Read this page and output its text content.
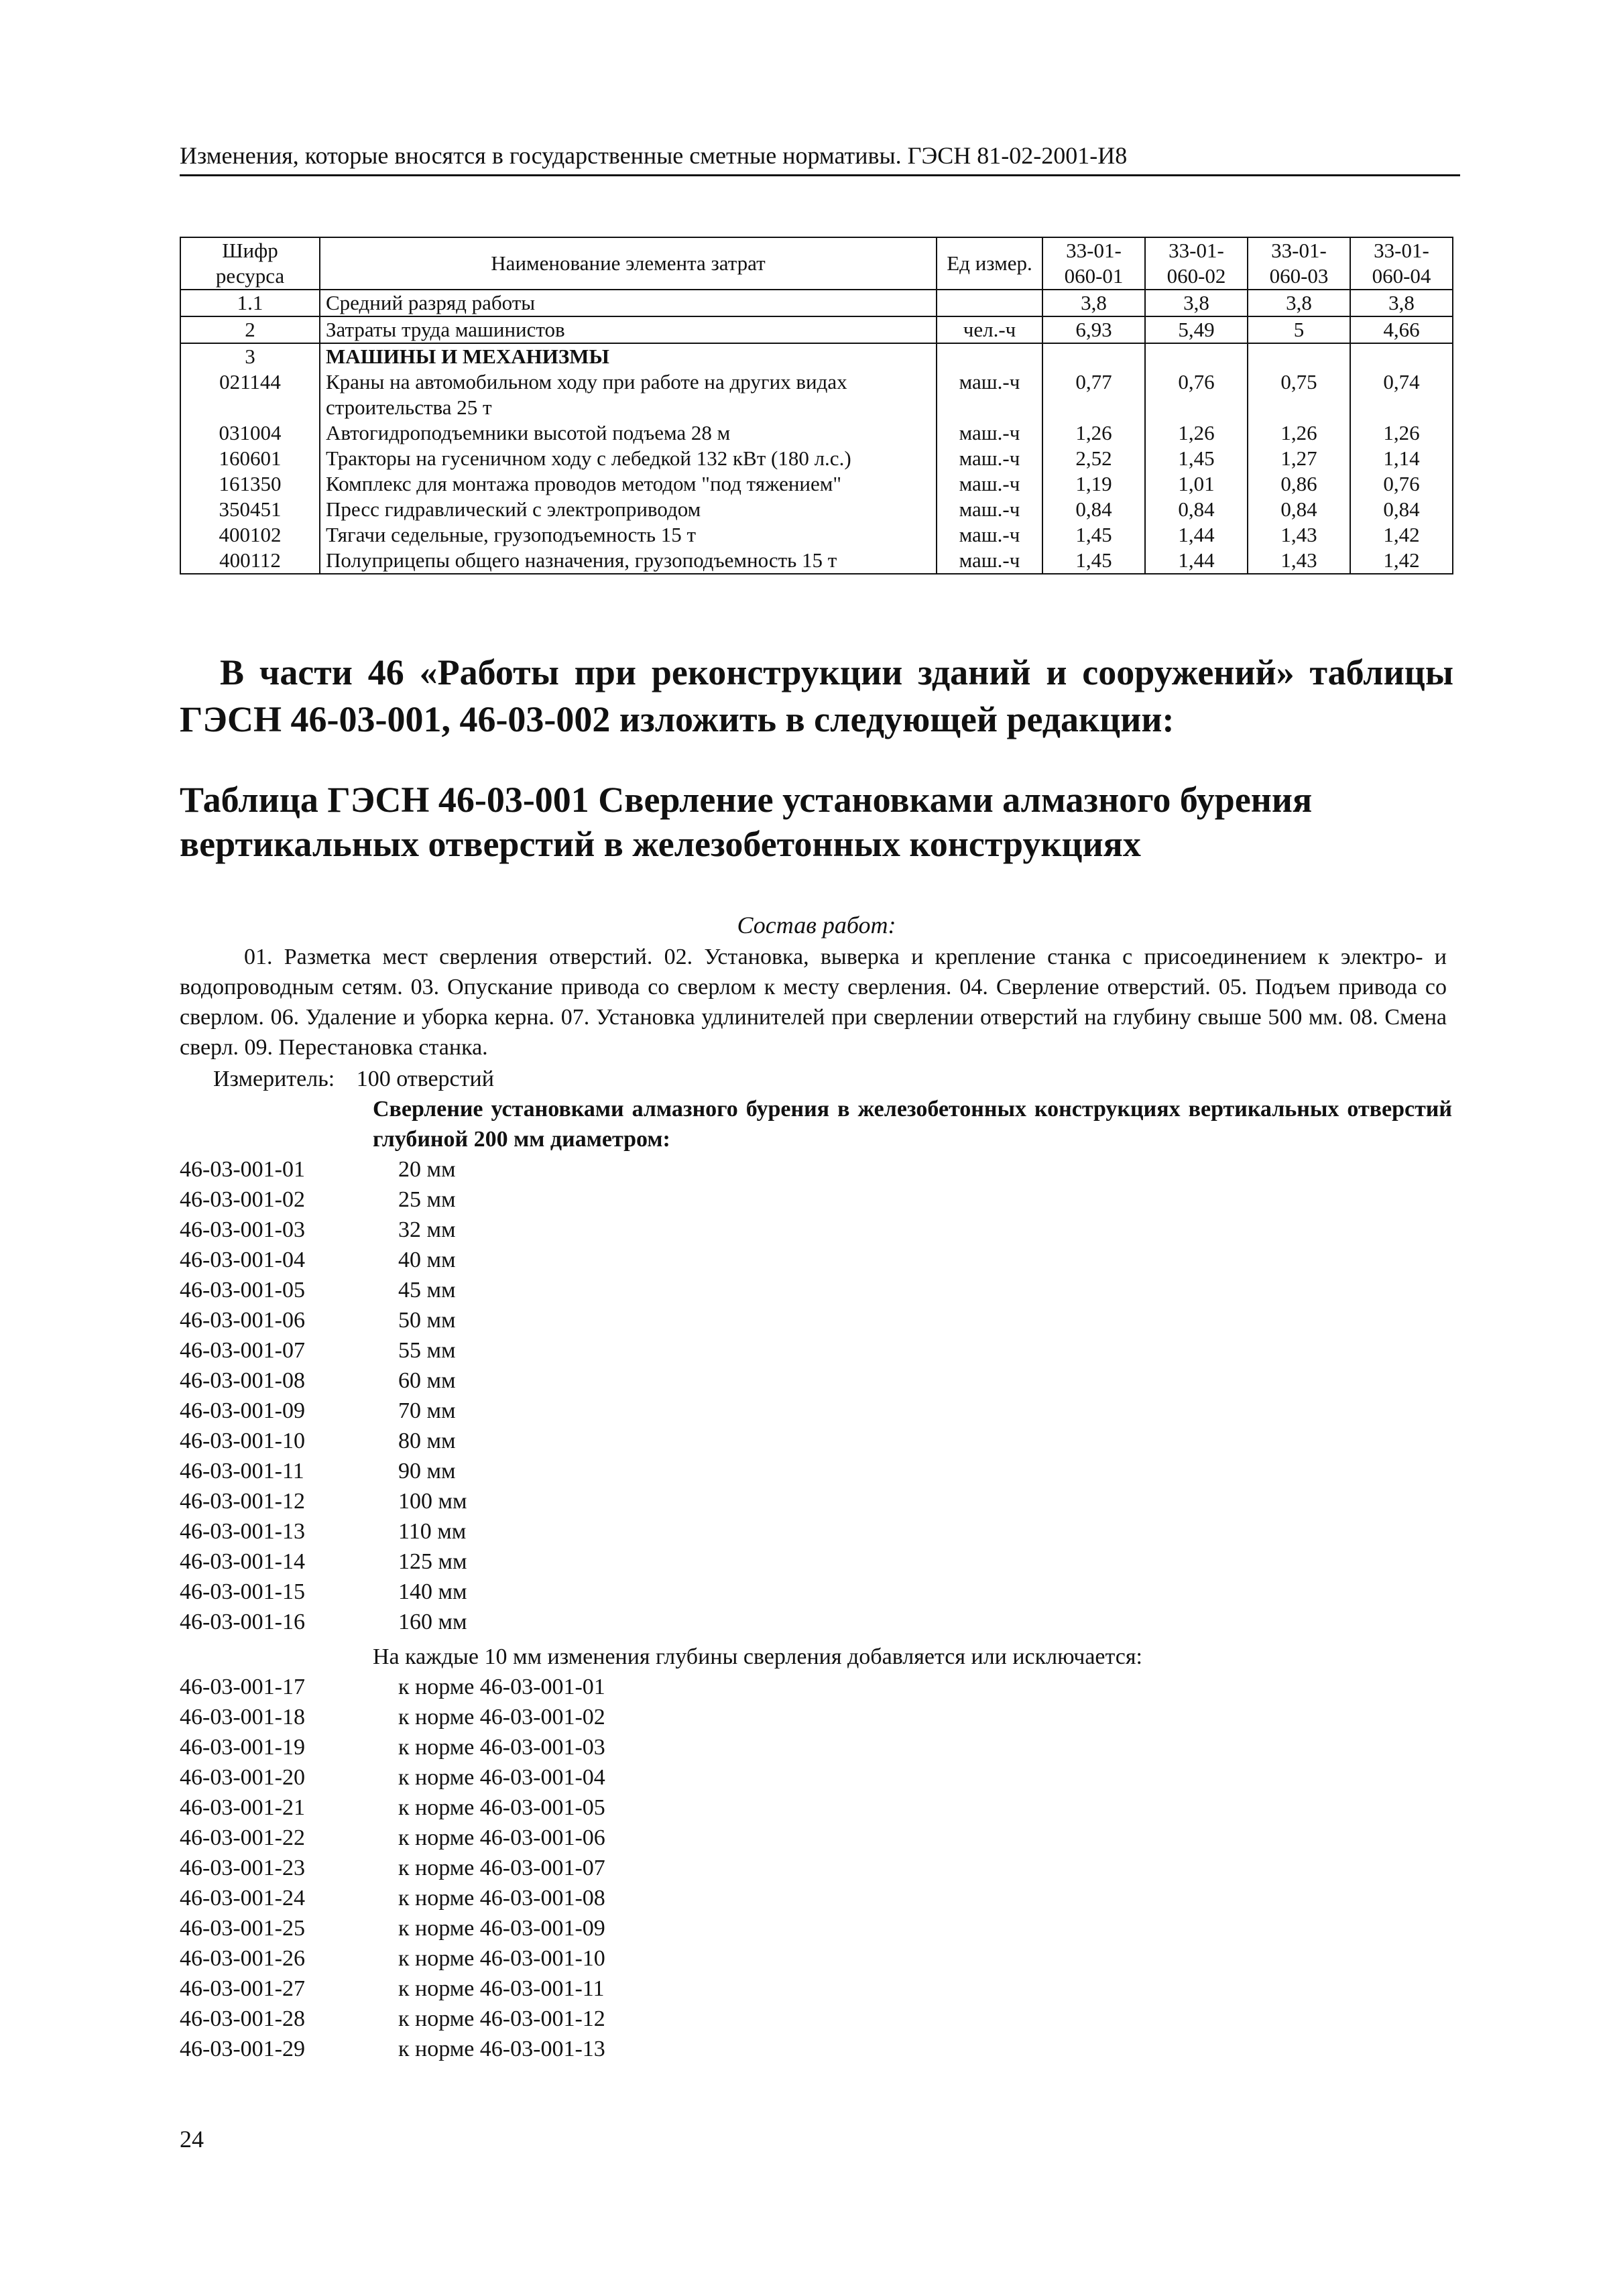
Изменения, которые вносятся в государственные сметные нормативы. ГЭСН 81-02-2001-И8
Шифр ресурса	Наименование элемента затрат	Ед измер.	33-01-060-01	33-01-060-02	33-01-060-03	33-01-060-04
1.1	Средний разряд работы		3,8	3,8	3,8	3,8
2	Затраты труда машинистов	чел.-ч	6,93	5,49	5	4,66
3	МАШИНЫ И МЕХАНИЗМЫ					
021144	Краны на автомобильном ходу при работе на других видах строительства 25 т	маш.-ч	0,77	0,76	0,75	0,74
031004	Автогидроподъемники высотой подъема 28 м	маш.-ч	1,26	1,26	1,26	1,26
160601	Тракторы на гусеничном ходу с лебедкой 132 кВт (180 л.с.)	маш.-ч	2,52	1,45	1,27	1,14
161350	Комплекс для монтажа проводов методом "под тяжением"	маш.-ч	1,19	1,01	0,86	0,76
350451	Пресс гидравлический с электроприводом	маш.-ч	0,84	0,84	0,84	0,84
400102	Тягачи седельные, грузоподъемность 15 т	маш.-ч	1,45	1,44	1,43	1,42
400112	Полуприцепы общего назначения, грузоподъемность 15 т	маш.-ч	1,45	1,44	1,43	1,42
В части 46 «Работы при реконструкции зданий и сооружений» таблицы ГЭСН 46-03-001, 46-03-002 изложить в следующей редакции:
Таблица ГЭСН 46-03-001 Сверление установками алмазного бурения вертикальных отверстий в железобетонных конструкциях
Состав работ:
01. Разметка мест сверления отверстий. 02. Установка, выверка и крепление станка с присоединением к электро- и водопроводным сетям. 03. Опускание привода со сверлом к месту сверления. 04. Сверление отверстий. 05. Подъем привода со сверлом. 06. Удаление и уборка керна. 07. Установка удлинителей при сверлении отверстий на глубину свыше 500 мм. 08. Смена сверл. 09. Перестановка станка.
Измеритель: 100 отверстий
Сверление установками алмазного бурения в железобетонных конструкциях вертикальных отверстий глубиной 200 мм диаметром:
46-03-001-01	20 мм
46-03-001-02	25 мм
46-03-001-03	32 мм
46-03-001-04	40 мм
46-03-001-05	45 мм
46-03-001-06	50 мм
46-03-001-07	55 мм
46-03-001-08	60 мм
46-03-001-09	70 мм
46-03-001-10	80 мм
46-03-001-11	90 мм
46-03-001-12	100 мм
46-03-001-13	110 мм
46-03-001-14	125 мм
46-03-001-15	140 мм
46-03-001-16	160 мм
На каждые 10 мм изменения глубины сверления добавляется или исключается:
46-03-001-17	к норме 46-03-001-01
46-03-001-18	к норме 46-03-001-02
46-03-001-19	к норме 46-03-001-03
46-03-001-20	к норме 46-03-001-04
46-03-001-21	к норме 46-03-001-05
46-03-001-22	к норме 46-03-001-06
46-03-001-23	к норме 46-03-001-07
46-03-001-24	к норме 46-03-001-08
46-03-001-25	к норме 46-03-001-09
46-03-001-26	к норме 46-03-001-10
46-03-001-27	к норме 46-03-001-11
46-03-001-28	к норме 46-03-001-12
46-03-001-29	к норме 46-03-001-13
24
